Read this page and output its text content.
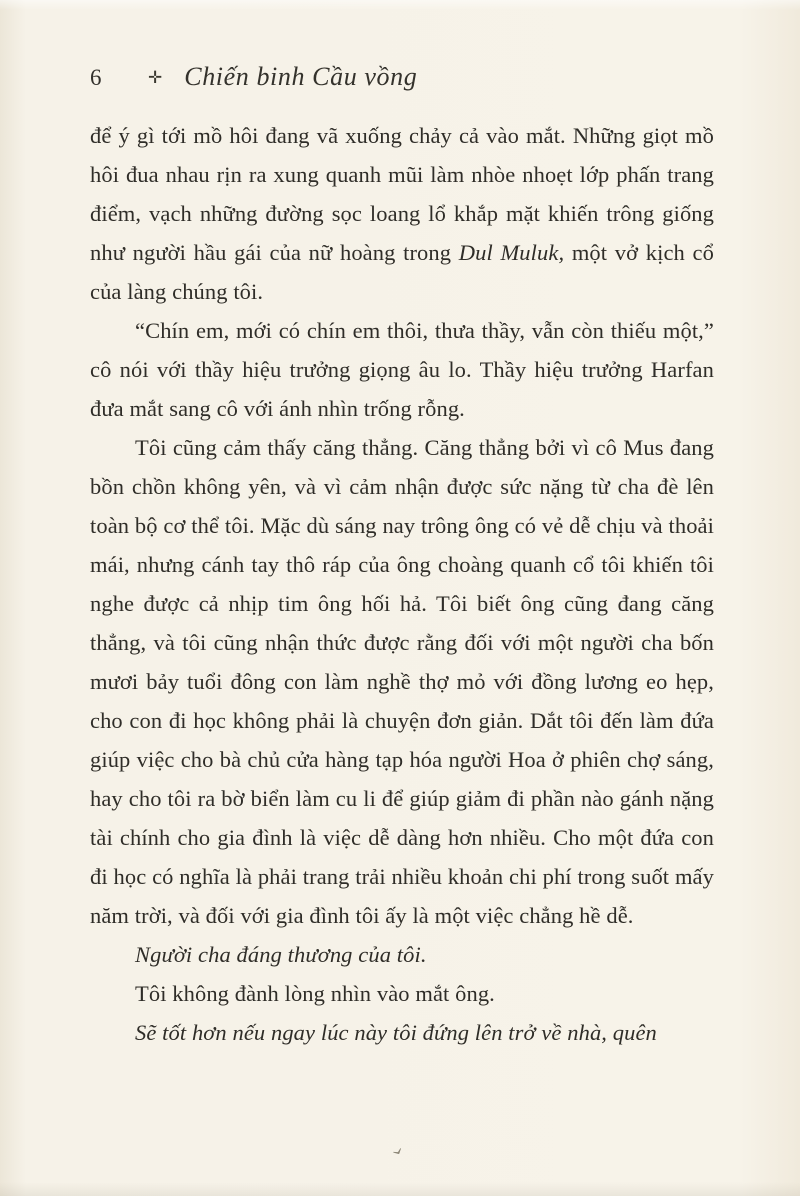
6	✛ Chiến binh Cầu vồng

để ý gì tới mồ hôi đang vã xuống chảy cả vào mắt. Những giọt mồ hôi đua nhau rịn ra xung quanh mũi làm nhòe nhoẹt lớp phấn trang điểm, vạch những đường sọc loang lổ khắp mặt khiến trông giống như người hầu gái của nữ hoàng trong Dul Muluk, một vở kịch cổ của làng chúng tôi.

“Chín em, mới có chín em thôi, thưa thầy, vẫn còn thiếu một,” cô nói với thầy hiệu trưởng giọng âu lo. Thầy hiệu trưởng Harfan đưa mắt sang cô với ánh nhìn trống rỗng.

Tôi cũng cảm thấy căng thẳng. Căng thẳng bởi vì cô Mus đang bồn chồn không yên, và vì cảm nhận được sức nặng từ cha đè lên toàn bộ cơ thể tôi. Mặc dù sáng nay trông ông có vẻ dễ chịu và thoải mái, nhưng cánh tay thô ráp của ông choàng quanh cổ tôi khiến tôi nghe được cả nhịp tim ông hối hả. Tôi biết ông cũng đang căng thẳng, và tôi cũng nhận thức được rằng đối với một người cha bốn mươi bảy tuổi đông con làm nghề thợ mỏ với đồng lương eo hẹp, cho con đi học không phải là chuyện đơn giản. Dắt tôi đến làm đứa giúp việc cho bà chủ cửa hàng tạp hóa người Hoa ở phiên chợ sáng, hay cho tôi ra bờ biển làm cu li để giúp giảm đi phần nào gánh nặng tài chính cho gia đình là việc dễ dàng hơn nhiều. Cho một đứa con đi học có nghĩa là phải trang trải nhiều khoản chi phí trong suốt mấy năm trời, và đối với gia đình tôi ấy là một việc chẳng hề dễ.

Người cha đáng thương của tôi.

Tôi không đành lòng nhìn vào mắt ông.

Sẽ tốt hơn nếu ngay lúc này tôi đứng lên trở về nhà, quên

›
